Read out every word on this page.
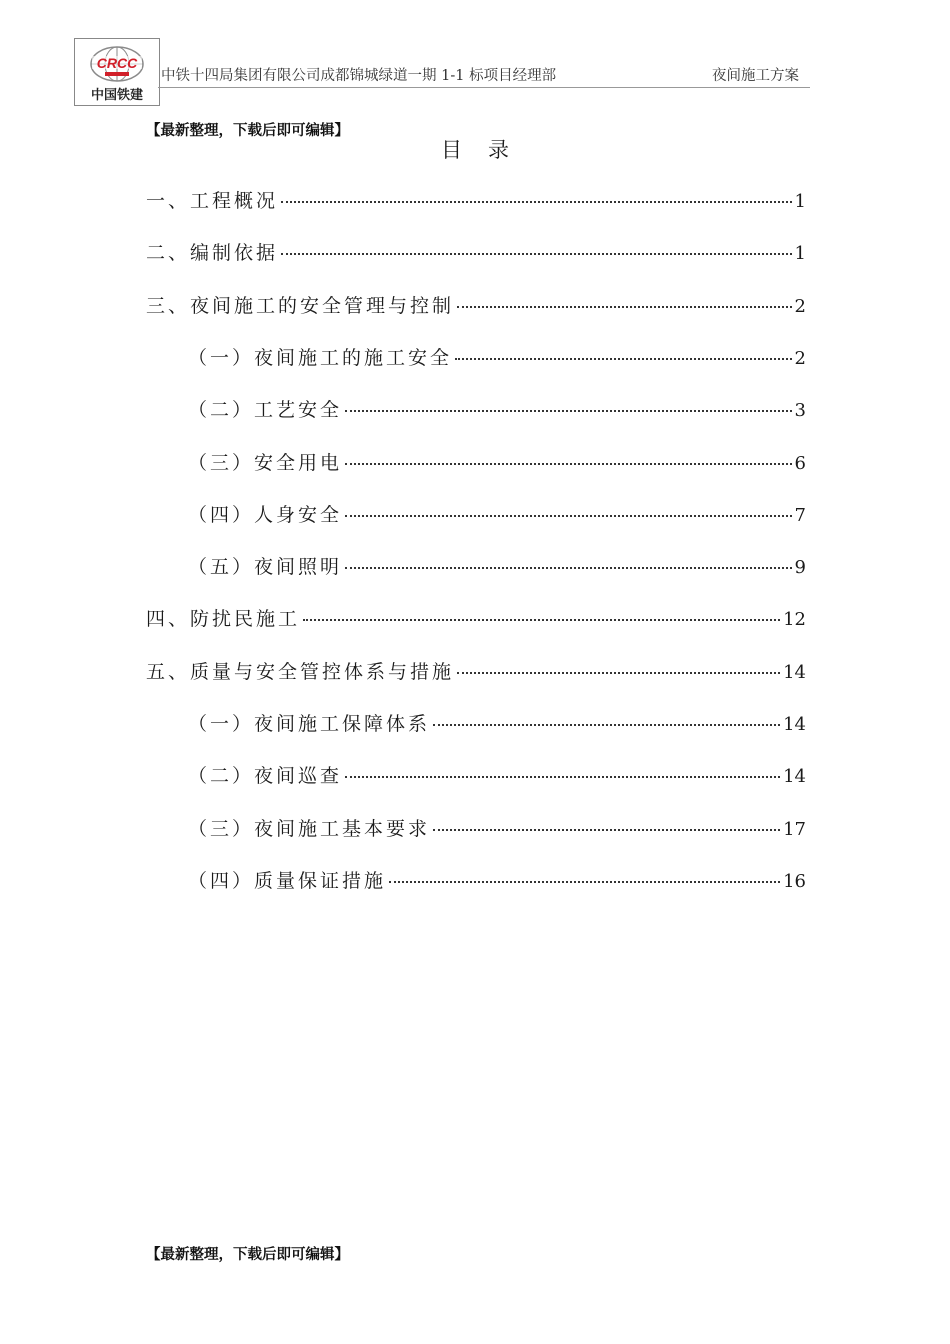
CRCC
中国铁建
中铁十四局集团有限公司成都锦城绿道一期 1-1 标项目经理部	夜间施工方案
【最新整理，下载后即可编辑】
目录
一、工程概况	1
二、编制依据	1
三、夜间施工的安全管理与控制	2
（一）夜间施工的施工安全	2
（二）工艺安全	3
（三）安全用电	6
（四）人身安全	7
（五）夜间照明	9
四、防扰民施工	12
五、质量与安全管控体系与措施	14
（一）夜间施工保障体系	14
（二）夜间巡查	14
（三）夜间施工基本要求	17
（四）质量保证措施	16
【最新整理，下载后即可编辑】
